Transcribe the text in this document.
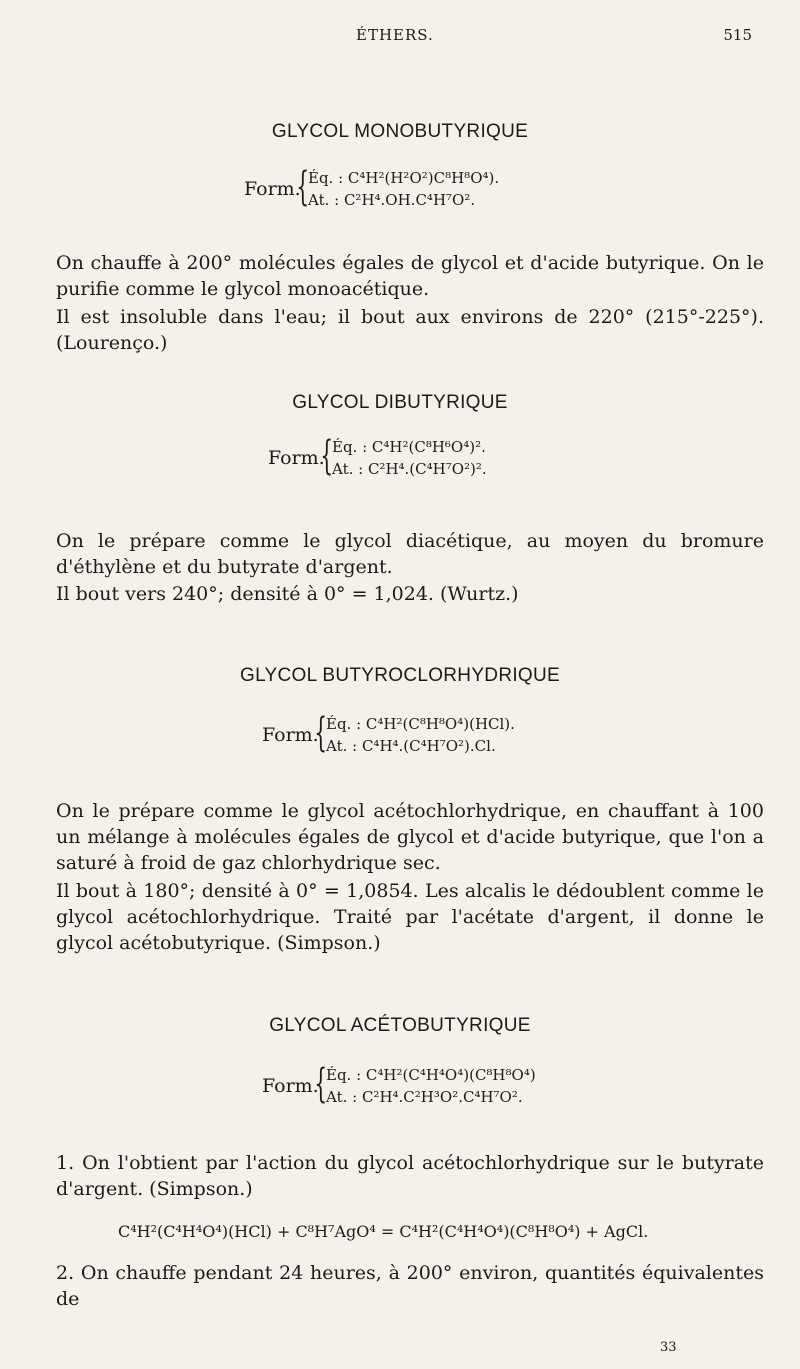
ÉTHERS.	515
GLYCOL MONOBUTYRIQUE
Form.
{
Éq. : C⁴H²(H²O²)C⁸H⁸O⁴).
At. : C²H⁴.OH.C⁴H⁷O².

On chauffe à 200° molécules égales de glycol et d'acide butyrique. On le purifie comme le glycol monoacétique.

Il est insoluble dans l'eau; il bout aux environs de 220° (215°-225°). (Lourenço.)

GLYCOL DIBUTYRIQUE
Form.
{
Éq. : C⁴H²(C⁸H⁶O⁴)².
At. : C²H⁴.(C⁴H⁷O²)².

On le prépare comme le glycol diacétique, au moyen du bromure d'éthylène et du butyrate d'argent.

Il bout vers 240°; densité à 0° = 1,024. (Wurtz.)

GLYCOL BUTYROCLORHYDRIQUE
Form.
{
Éq. : C⁴H²(C⁸H⁸O⁴)(HCl).
At. : C⁴H⁴.(C⁴H⁷O²).Cl.

On le prépare comme le glycol acétochlorhydrique, en chauffant à 100 un mélange à molécules égales de glycol et d'acide butyrique, que l'on a saturé à froid de gaz chlorhydrique sec.

Il bout à 180°; densité à 0° = 1,0854. Les alcalis le dédoublent comme le glycol acétochlorhydrique. Traité par l'acétate d'argent, il donne le glycol acétobutyrique. (Simpson.)

GLYCOL ACÉTOBUTYRIQUE
Form.
{
Éq. : C⁴H²(C⁴H⁴O⁴)(C⁸H⁸O⁴)
At. : C²H⁴.C²H³O².C⁴H⁷O².

1. On l'obtient par l'action du glycol acétochlorhydrique sur le butyrate d'argent. (Simpson.)

C⁴H²(C⁴H⁴O⁴)(HCl) + C⁸H⁷AgO⁴ = C⁴H²(C⁴H⁴O⁴)(C⁸H⁸O⁴) + AgCl.

2. On chauffe pendant 24 heures, à 200° environ, quantités équivalentes de

33
